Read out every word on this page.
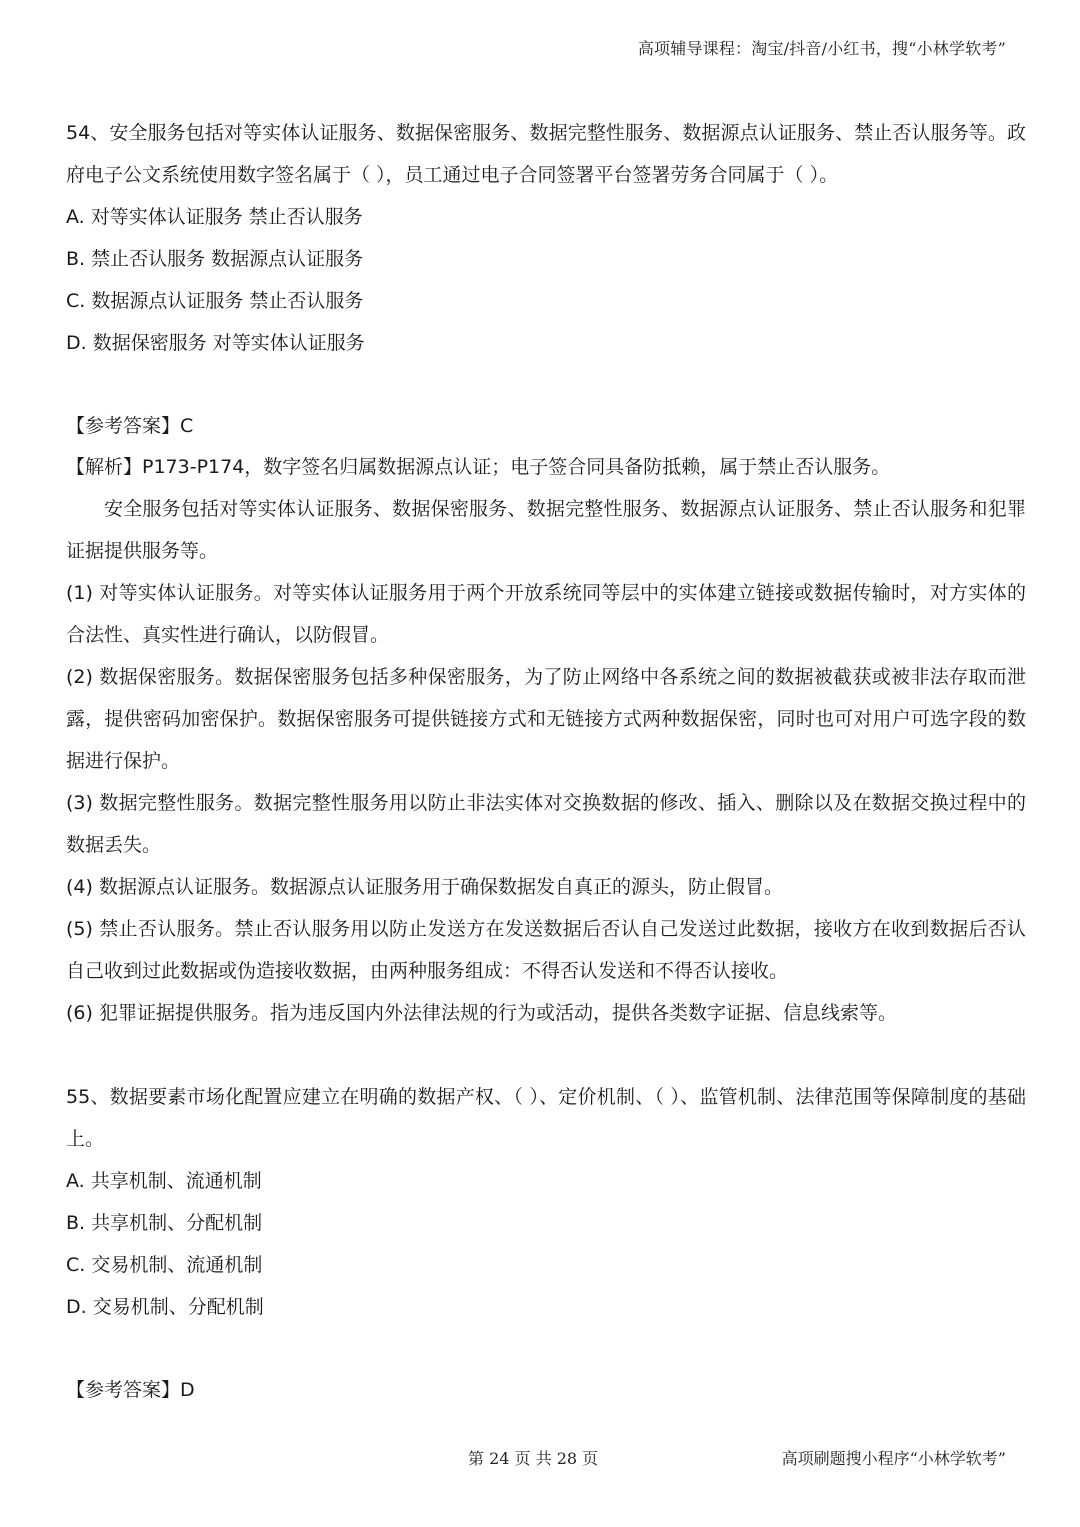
高项辅导课程：淘宝/抖音/小红书，搜“小林学软考”

54、安全服务包括对等实体认证服务、数据保密服务、数据完整性服务、数据源点认证服务、禁止否认服务等。政府电子公文系统使用数字签名属于（ ），员工通过电子合同签署平台签署劳务合同属于（ ）。

A. 对等实体认证服务 禁止否认服务

B. 禁止否认服务 数据源点认证服务

C. 数据源点认证服务 禁止否认服务

D. 数据保密服务 对等实体认证服务

【参考答案】C

【解析】P173-P174，数字签名归属数据源点认证；电子签合同具备防抵赖，属于禁止否认服务。

安全服务包括对等实体认证服务、数据保密服务、数据完整性服务、数据源点认证服务、禁止否认服务和犯罪证据提供服务等。

(1) 对等实体认证服务。对等实体认证服务用于两个开放系统同等层中的实体建立链接或数据传输时，对方实体的合法性、真实性进行确认，以防假冒。

(2) 数据保密服务。数据保密服务包括多种保密服务，为了防止网络中各系统之间的数据被截获或被非法存取而泄露，提供密码加密保护。数据保密服务可提供链接方式和无链接方式两种数据保密，同时也可对用户可选字段的数据进行保护。

(3) 数据完整性服务。数据完整性服务用以防止非法实体对交换数据的修改、插入、删除以及在数据交换过程中的数据丢失。

(4) 数据源点认证服务。数据源点认证服务用于确保数据发自真正的源头，防止假冒。

(5) 禁止否认服务。禁止否认服务用以防止发送方在发送数据后否认自己发送过此数据，接收方在收到数据后否认自己收到过此数据或伪造接收数据，由两种服务组成：不得否认发送和不得否认接收。

(6) 犯罪证据提供服务。指为违反国内外法律法规的行为或活动，提供各类数字证据、信息线索等。

55、数据要素市场化配置应建立在明确的数据产权、（ ）、定价机制、（ ）、监管机制、法律范围等保障制度的基础上。

A. 共享机制、流通机制

B. 共享机制、分配机制

C. 交易机制、流通机制

D. 交易机制、分配机制

【参考答案】D

第 24 页 共 28 页	高项刷题搜小程序“小林学软考”
